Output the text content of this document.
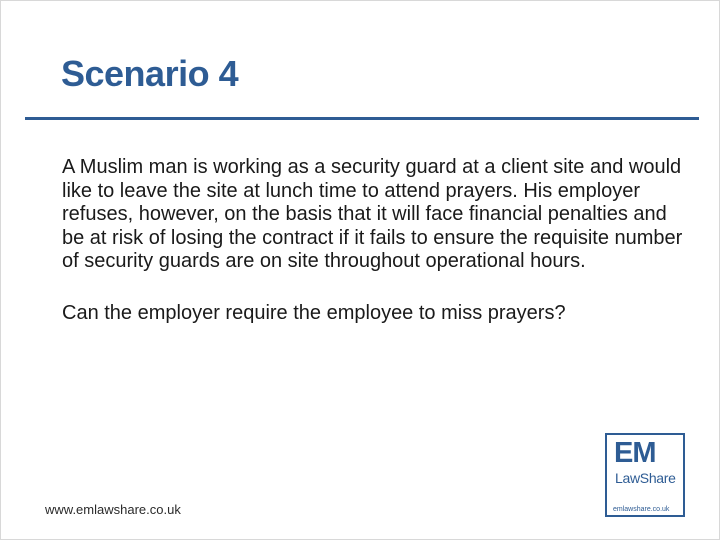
Scenario 4

A Muslim man is working as a security guard at a client site and would like to leave the site at lunch time to attend prayers. His employer refuses, however, on the basis that it will face financial penalties and be at risk of losing the contract if it fails to ensure the requisite number of security guards are on site throughout operational hours.

Can the employer require the employee to miss prayers?

www.emlawshare.co.uk
EM
LawShare
emlawshare.co.uk
